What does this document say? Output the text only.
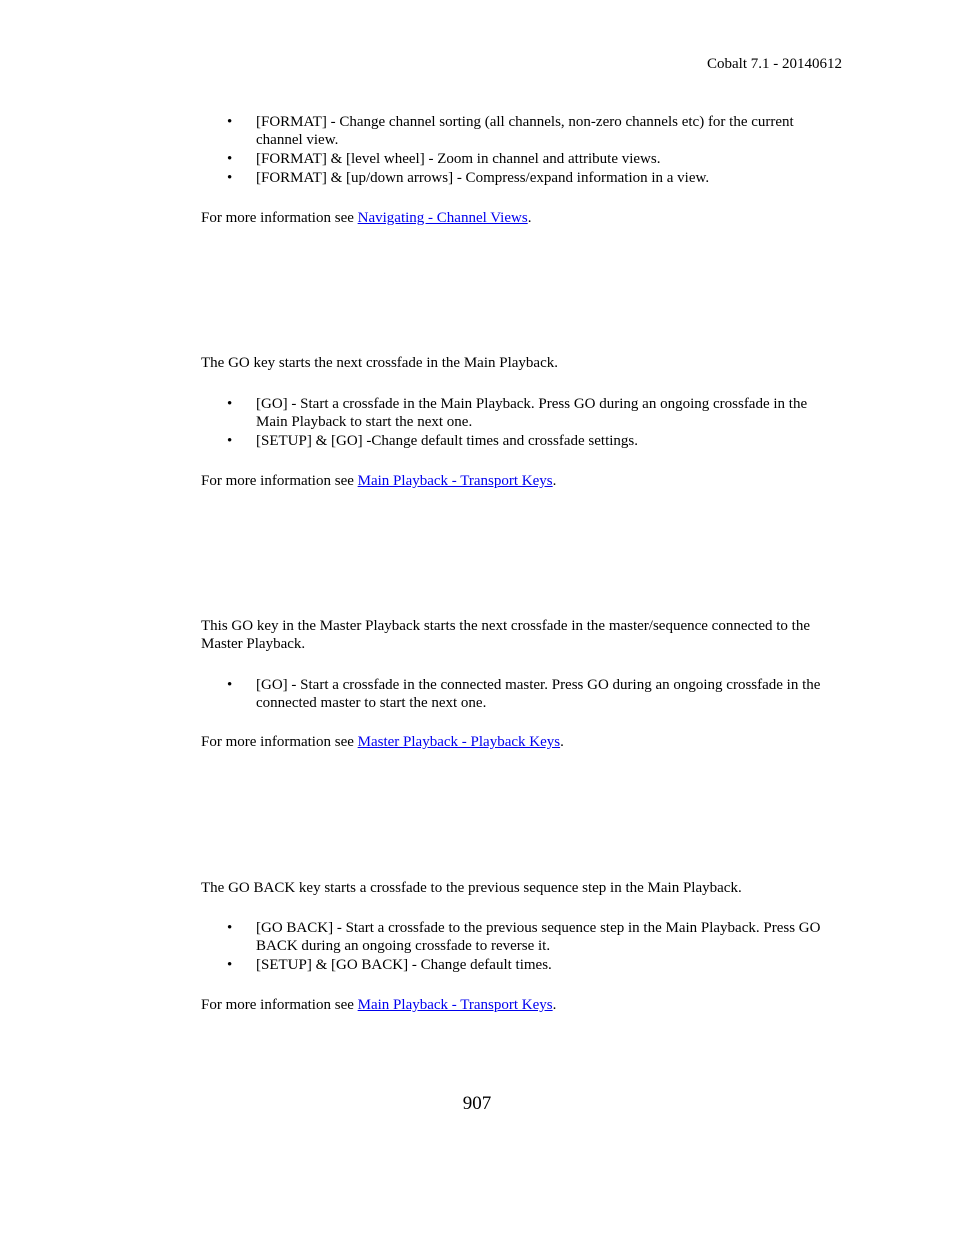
Cobalt 7.1 - 20140612
• [FORMAT] - Change channel sorting (all channels, non-zero channels etc) for the current channel view.
• [FORMAT] & [level wheel] - Zoom in channel and attribute views.
• [FORMAT] & [up/down arrows] - Compress/expand information in a view.
For more information see Navigating - Channel Views.
The GO key starts the next crossfade in the Main Playback.
• [GO] - Start a crossfade in the Main Playback. Press GO during an ongoing crossfade in the Main Playback to start the next one.
• [SETUP] & [GO] -Change default times and crossfade settings.
For more information see Main Playback - Transport Keys.
This GO key in the Master Playback starts the next crossfade in the master/sequence connected to the Master Playback.
• [GO] - Start a crossfade in the connected master. Press GO during an ongoing crossfade in the connected master to start the next one.
For more information see Master Playback - Playback Keys.
The GO BACK key starts a crossfade to the previous sequence step in the Main Playback.
• [GO BACK] - Start a crossfade to the previous sequence step in the Main Playback. Press GO BACK during an ongoing crossfade to reverse it.
• [SETUP] & [GO BACK] - Change default times.
For more information see Main Playback - Transport Keys.
907
